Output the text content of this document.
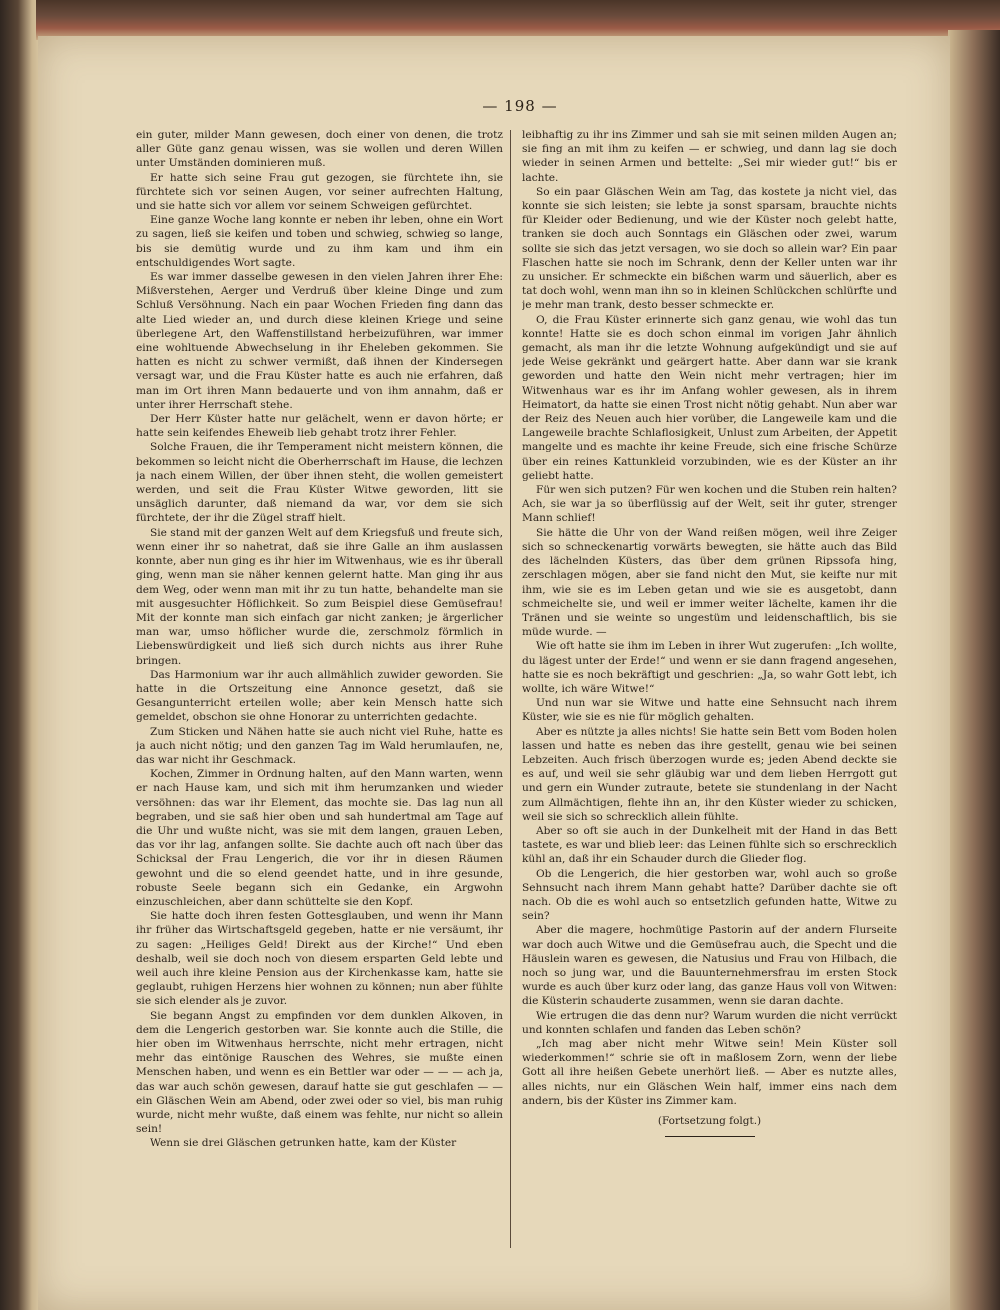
— 198 —

ein guter, milder Mann gewesen, doch einer von denen, die trotz aller Güte ganz genau wissen, was sie wollen und deren Willen unter Umständen dominieren muß.

Er hatte sich seine Frau gut gezogen, sie fürchtete ihn, sie fürchtete sich vor seinen Augen, vor seiner aufrechten Haltung, und sie hatte sich vor allem vor seinem Schweigen gefürchtet.

Eine ganze Woche lang konnte er neben ihr leben, ohne ein Wort zu sagen, ließ sie keifen und toben und schwieg, schwieg so lange, bis sie demütig wurde und zu ihm kam und ihm ein entschuldigendes Wort sagte.

Es war immer dasselbe gewesen in den vielen Jahren ihrer Ehe: Mißverstehen, Aerger und Verdruß über kleine Dinge und zum Schluß Versöhnung. Nach ein paar Wochen Frieden fing dann das alte Lied wieder an, und durch diese kleinen Kriege und seine überlegene Art, den Waffenstillstand herbeizuführen, war immer eine wohltuende Abwechselung in ihr Eheleben gekommen. Sie hatten es nicht zu schwer vermißt, daß ihnen der Kindersegen versagt war, und die Frau Küster hatte es auch nie erfahren, daß man im Ort ihren Mann bedauerte und von ihm annahm, daß er unter ihrer Herrschaft stehe.

Der Herr Küster hatte nur gelächelt, wenn er davon hörte; er hatte sein keifendes Eheweib lieb gehabt trotz ihrer Fehler.

Solche Frauen, die ihr Temperament nicht meistern können, die bekommen so leicht nicht die Oberherrschaft im Hause, die lechzen ja nach einem Willen, der über ihnen steht, die wollen gemeistert werden, und seit die Frau Küster Witwe geworden, litt sie unsäglich darunter, daß niemand da war, vor dem sie sich fürchtete, der ihr die Zügel straff hielt.

Sie stand mit der ganzen Welt auf dem Kriegsfuß und freute sich, wenn einer ihr so nahetrat, daß sie ihre Galle an ihm auslassen konnte, aber nun ging es ihr hier im Witwenhaus, wie es ihr überall ging, wenn man sie näher kennen gelernt hatte. Man ging ihr aus dem Weg, oder wenn man mit ihr zu tun hatte, behandelte man sie mit ausgesuchter Höflichkeit. So zum Beispiel diese Gemüsefrau! Mit der konnte man sich einfach gar nicht zanken; je ärgerlicher man war, umso höflicher wurde die, zerschmolz förmlich in Liebenswürdigkeit und ließ sich durch nichts aus ihrer Ruhe bringen.

Das Harmonium war ihr auch allmählich zuwider geworden. Sie hatte in die Ortszeitung eine Annonce gesetzt, daß sie Gesangunterricht erteilen wolle; aber kein Mensch hatte sich gemeldet, obschon sie ohne Honorar zu unterrichten gedachte.

Zum Sticken und Nähen hatte sie auch nicht viel Ruhe, hatte es ja auch nicht nötig; und den ganzen Tag im Wald herumlaufen, ne, das war nicht ihr Geschmack.

Kochen, Zimmer in Ordnung halten, auf den Mann warten, wenn er nach Hause kam, und sich mit ihm herumzanken und wieder versöhnen: das war ihr Element, das mochte sie. Das lag nun all begraben, und sie saß hier oben und sah hundertmal am Tage auf die Uhr und wußte nicht, was sie mit dem langen, grauen Leben, das vor ihr lag, anfangen sollte. Sie dachte auch oft nach über das Schicksal der Frau Lengerich, die vor ihr in diesen Räumen gewohnt und die so elend geendet hatte, und in ihre gesunde, robuste Seele begann sich ein Gedanke, ein Argwohn einzuschleichen, aber dann schüttelte sie den Kopf.

Sie hatte doch ihren festen Gottesglauben, und wenn ihr Mann ihr früher das Wirtschaftsgeld gegeben, hatte er nie versäumt, ihr zu sagen: „Heiliges Geld! Direkt aus der Kirche!“ Und eben deshalb, weil sie doch noch von diesem ersparten Geld lebte und weil auch ihre kleine Pension aus der Kirchenkasse kam, hatte sie geglaubt, ruhigen Herzens hier wohnen zu können; nun aber fühlte sie sich elender als je zuvor.

Sie begann Angst zu empfinden vor dem dunklen Alkoven, in dem die Lengerich gestorben war. Sie konnte auch die Stille, die hier oben im Witwenhaus herrschte, nicht mehr ertragen, nicht mehr das eintönige Rauschen des Wehres, sie mußte einen Menschen haben, und wenn es ein Bettler war oder — — — ach ja, das war auch schön gewesen, darauf hatte sie gut geschlafen — — ein Gläschen Wein am Abend, oder zwei oder so viel, bis man ruhig wurde, nicht mehr wußte, daß einem was fehlte, nur nicht so allein sein!

Wenn sie drei Gläschen getrunken hatte, kam der Küster

leibhaftig zu ihr ins Zimmer und sah sie mit seinen milden Augen an; sie fing an mit ihm zu keifen — er schwieg, und dann lag sie doch wieder in seinen Armen und bettelte: „Sei mir wieder gut!“ bis er lachte.

So ein paar Gläschen Wein am Tag, das kostete ja nicht viel, das konnte sie sich leisten; sie lebte ja sonst sparsam, brauchte nichts für Kleider oder Bedienung, und wie der Küster noch gelebt hatte, tranken sie doch auch Sonntags ein Gläschen oder zwei, warum sollte sie sich das jetzt versagen, wo sie doch so allein war? Ein paar Flaschen hatte sie noch im Schrank, denn der Keller unten war ihr zu unsicher. Er schmeckte ein bißchen warm und säuerlich, aber es tat doch wohl, wenn man ihn so in kleinen Schlückchen schlürfte und je mehr man trank, desto besser schmeckte er.

O, die Frau Küster erinnerte sich ganz genau, wie wohl das tun konnte! Hatte sie es doch schon einmal im vorigen Jahr ähnlich gemacht, als man ihr die letzte Wohnung aufgekündigt und sie auf jede Weise gekränkt und geärgert hatte. Aber dann war sie krank geworden und hatte den Wein nicht mehr vertragen; hier im Witwenhaus war es ihr im Anfang wohler gewesen, als in ihrem Heimatort, da hatte sie einen Trost nicht nötig gehabt. Nun aber war der Reiz des Neuen auch hier vorüber, die Langeweile kam und die Langeweile brachte Schlaflosigkeit, Unlust zum Arbeiten, der Appetit mangelte und es machte ihr keine Freude, sich eine frische Schürze über ein reines Kattunkleid vorzubinden, wie es der Küster an ihr geliebt hatte.

Für wen sich putzen? Für wen kochen und die Stuben rein halten? Ach, sie war ja so überflüssig auf der Welt, seit ihr guter, strenger Mann schlief!

Sie hätte die Uhr von der Wand reißen mögen, weil ihre Zeiger sich so schneckenartig vorwärts bewegten, sie hätte auch das Bild des lächelnden Küsters, das über dem grünen Ripssofa hing, zerschlagen mögen, aber sie fand nicht den Mut, sie keifte nur mit ihm, wie sie es im Leben getan und wie sie es ausgetobt, dann schmeichelte sie, und weil er immer weiter lächelte, kamen ihr die Tränen und sie weinte so ungestüm und leidenschaftlich, bis sie müde wurde. —

Wie oft hatte sie ihm im Leben in ihrer Wut zugerufen: „Ich wollte, du lägest unter der Erde!“ und wenn er sie dann fragend angesehen, hatte sie es noch bekräftigt und geschrien: „Ja, so wahr Gott lebt, ich wollte, ich wäre Witwe!“

Und nun war sie Witwe und hatte eine Sehnsucht nach ihrem Küster, wie sie es nie für möglich gehalten.

Aber es nützte ja alles nichts! Sie hatte sein Bett vom Boden holen lassen und hatte es neben das ihre gestellt, genau wie bei seinen Lebzeiten. Auch frisch überzogen wurde es; jeden Abend deckte sie es auf, und weil sie sehr gläubig war und dem lieben Herrgott gut und gern ein Wunder zutraute, betete sie stundenlang in der Nacht zum Allmächtigen, flehte ihn an, ihr den Küster wieder zu schicken, weil sie sich so schrecklich allein fühlte.

Aber so oft sie auch in der Dunkelheit mit der Hand in das Bett tastete, es war und blieb leer: das Leinen fühlte sich so erschrecklich kühl an, daß ihr ein Schauder durch die Glieder flog.

Ob die Lengerich, die hier gestorben war, wohl auch so große Sehnsucht nach ihrem Mann gehabt hatte? Darüber dachte sie oft nach. Ob die es wohl auch so entsetzlich gefunden hatte, Witwe zu sein?

Aber die magere, hochmütige Pastorin auf der andern Flurseite war doch auch Witwe und die Gemüsefrau auch, die Specht und die Häuslein waren es gewesen, die Natusius und Frau von Hilbach, die noch so jung war, und die Bauunternehmersfrau im ersten Stock wurde es auch über kurz oder lang, das ganze Haus voll von Witwen: die Küsterin schauderte zusammen, wenn sie daran dachte.

Wie ertrugen die das denn nur? Warum wurden die nicht verrückt und konnten schlafen und fanden das Leben schön?

„Ich mag aber nicht mehr Witwe sein! Mein Küster soll wiederkommen!“ schrie sie oft in maßlosem Zorn, wenn der liebe Gott all ihre heißen Gebete unerhört ließ. — Aber es nutzte alles, alles nichts, nur ein Gläschen Wein half, immer eins nach dem andern, bis der Küster ins Zimmer kam.

(Fortsetzung folgt.)
